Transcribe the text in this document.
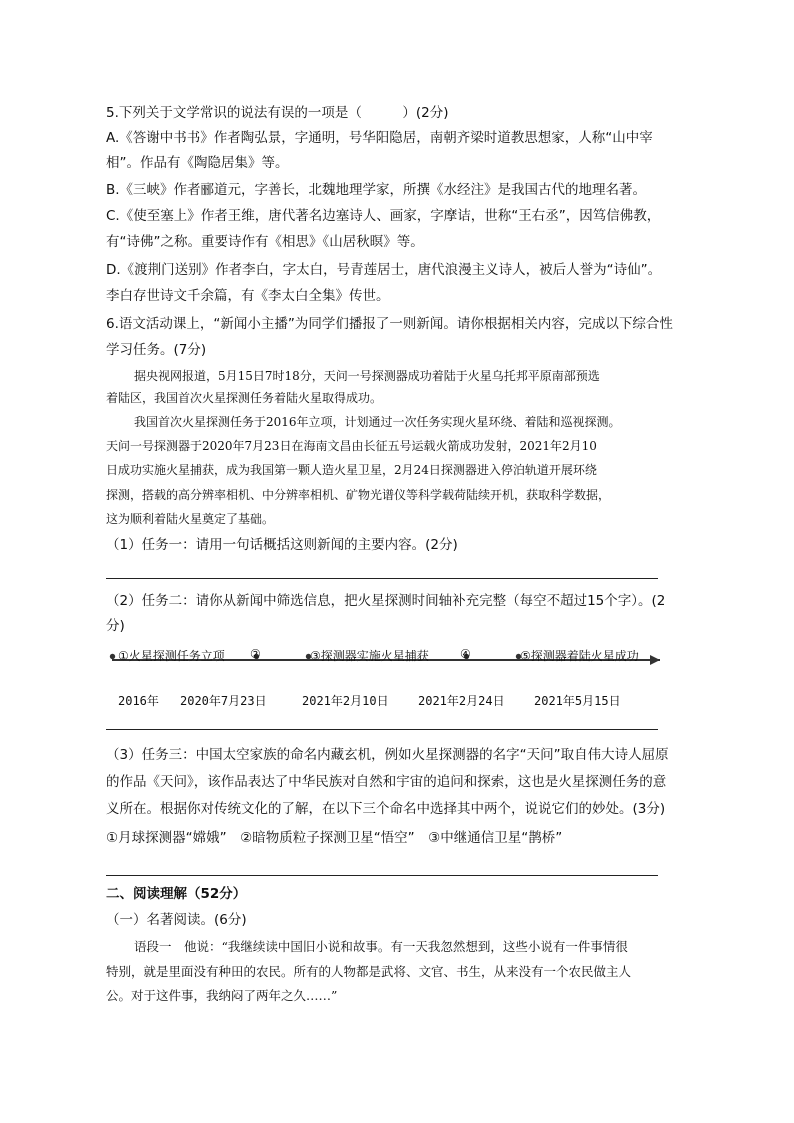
5.下列关于文学常识的说法有误的一项是（　　　）(2分)
A.《答谢中书书》作者陶弘景，字通明，号华阳隐居，南朝齐梁时道教思想家，人称“山中宰
相”。作品有《陶隐居集》等。
B.《三峡》作者郦道元，字善长，北魏地理学家，所撰《水经注》是我国古代的地理名著。
C.《使至塞上》作者王维，唐代著名边塞诗人、画家，字摩诘，世称“王右丞”，因笃信佛教，
有“诗佛”之称。重要诗作有《相思》《山居秋暝》等。
D.《渡荆门送别》作者李白，字太白，号青莲居士，唐代浪漫主义诗人，被后人誉为“诗仙”。
李白存世诗文千余篇，有《李太白全集》传世。
6.语文活动课上，“新闻小主播”为同学们播报了一则新闻。请你根据相关内容，完成以下综合性
学习任务。(7分)
据央视网报道，5月15日7时18分，天问一号探测器成功着陆于火星乌托邦平原南部预选
着陆区，我国首次火星探测任务着陆火星取得成功。
我国首次火星探测任务于2016年立项，计划通过一次任务实现火星环绕、着陆和巡视探测。
天问一号探测器于2020年7月23日在海南文昌由长征五号运载火箭成功发射，2021年2月10
日成功实施火星捕获，成为我国第一颗人造火星卫星，2月24日探测器进入停泊轨道开展环绕
探测，搭载的高分辨率相机、中分辨率相机、矿物光谱仪等科学载荷陆续开机，获取科学数据，
这为顺利着陆火星奠定了基础。
（1）任务一：请用一句话概括这则新闻的主要内容。(2分)
（2）任务二：请你从新闻中筛选信息，把火星探测时间轴补充完整（每空不超过15个字）。(2
分)
①火星探测任务立项 ②	③探测器实施火星捕获	④	⑤探测器着陆火星成功
2016年 2020年7月23日	2021年2月10日 2021年2月24日 2021年5月15日
（3）任务三：中国太空家族的命名内藏玄机，例如火星探测器的名字“天问”取自伟大诗人屈原
的作品《天问》，该作品表达了中华民族对自然和宇宙的追问和探索，这也是火星探测任务的意
义所在。根据你对传统文化的了解，在以下三个命名中选择其中两个，说说它们的妙处。(3分)
①月球探测器“嫦娥”　②暗物质粒子探测卫星“悟空”　③中继通信卫星“鹊桥”
二、阅读理解（52分）
（一）名著阅读。(6分)
语段一　他说：“我继续读中国旧小说和故事。有一天我忽然想到，这些小说有一件事情很
特别，就是里面没有种田的农民。所有的人物都是武将、文官、书生，从来没有一个农民做主人
公。对于这件事，我纳闷了两年之久……”
